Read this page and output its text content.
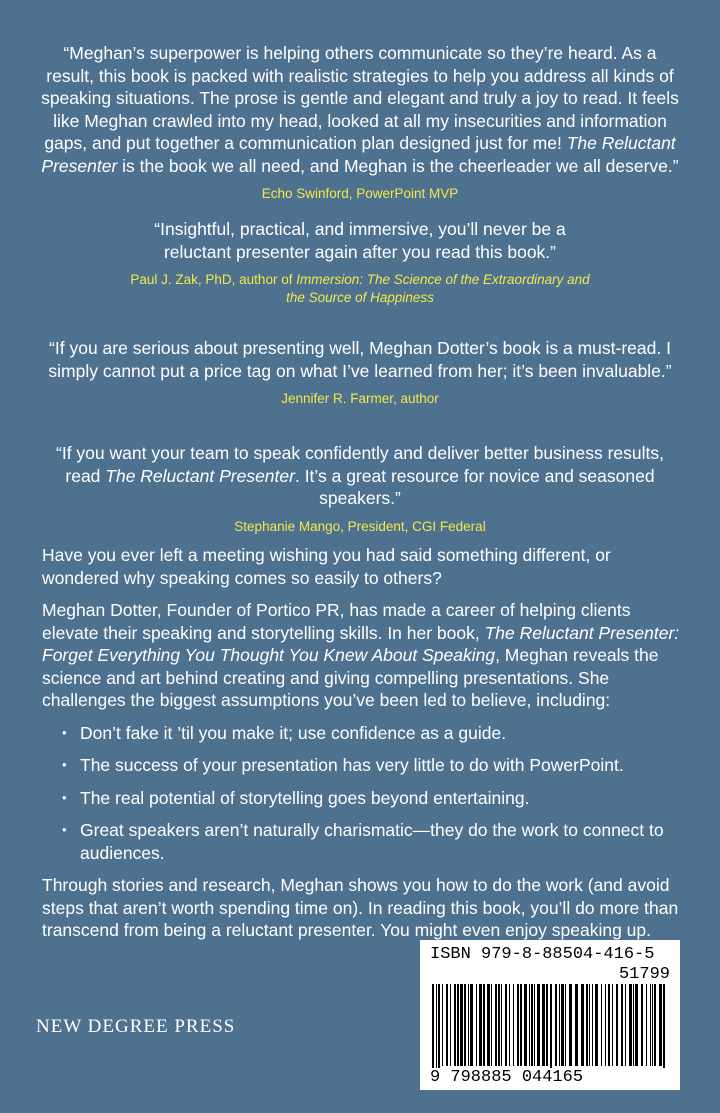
“Meghan’s superpower is helping others communicate so they’re heard. As a result, this book is packed with realistic strategies to help you address all kinds of speaking situations. The prose is gentle and elegant and truly a joy to read. It feels like Meghan crawled into my head, looked at all my insecurities and information gaps, and put together a communication plan designed just for me! The Reluctant Presenter is the book we all need, and Meghan is the cheerleader we all deserve.”

Echo Swinford, PowerPoint MVP

“Insightful, practical, and immersive, you’ll never be a reluctant presenter again after you read this book.”

Paul J. Zak, PhD, author of Immersion: The Science of the Extraordinary and the Source of Happiness

“If you are serious about presenting well, Meghan Dotter’s book is a must-read. I simply cannot put a price tag on what I’ve learned from her; it’s been invaluable.”

Jennifer R. Farmer, author

“If you want your team to speak confidently and deliver better business results, read The Reluctant Presenter. It’s a great resource for novice and seasoned speakers.”

Stephanie Mango, President, CGI Federal

Have you ever left a meeting wishing you had said something different, or wondered why speaking comes so easily to others?

Meghan Dotter, Founder of Portico PR, has made a career of helping clients elevate their speaking and storytelling skills. In her book, The Reluctant Presenter: Forget Everything You Thought You Knew About Speaking, Meghan reveals the science and art behind creating and giving compelling presentations. She challenges the biggest assumptions you’ve been led to believe, including:

• Don’t fake it ’til you make it; use confidence as a guide.
• The success of your presentation has very little to do with PowerPoint.
• The real potential of storytelling goes beyond entertaining.
• Great speakers aren’t naturally charismatic—they do the work to connect to audiences.

Through stories and research, Meghan shows you how to do the work (and avoid steps that aren’t worth spending time on). In reading this book, you’ll do more than transcend from being a reluctant presenter. You might even enjoy speaking up.

NEW DEGREE PRESS
ISBN 979-8-88504-416-5
51799
9 798885 044165
